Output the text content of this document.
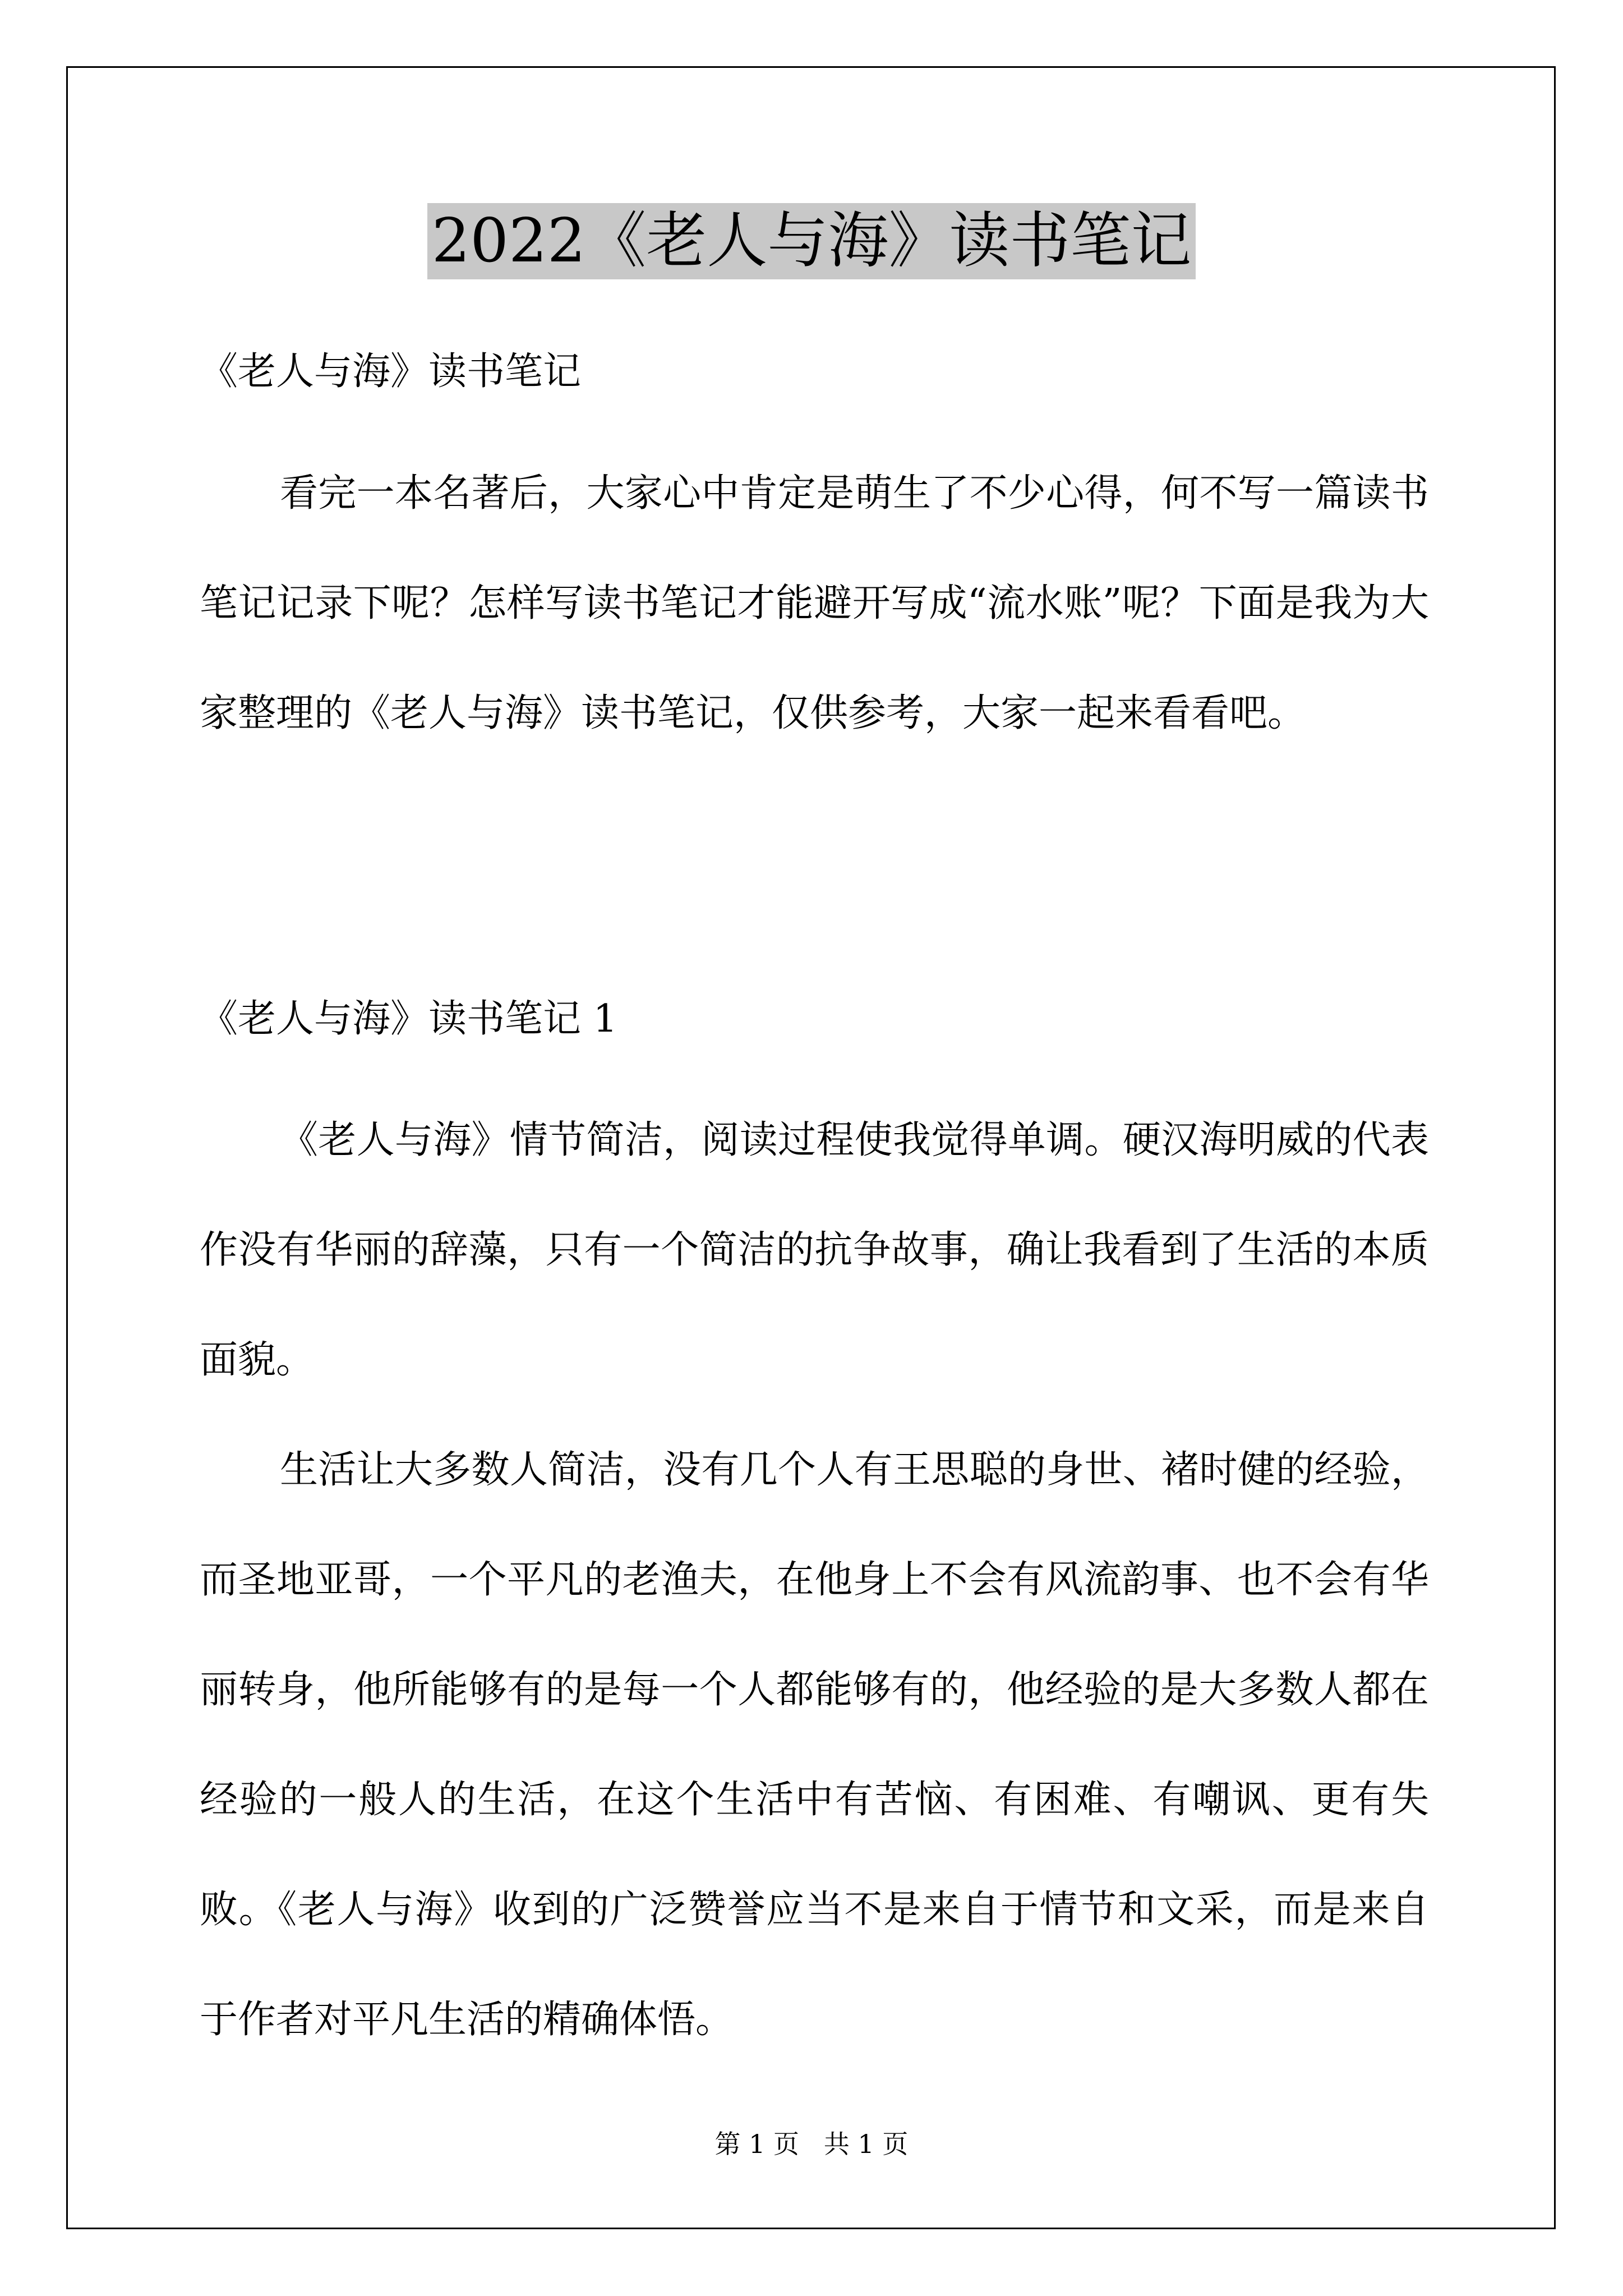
2022《老人与海》读书笔记
《老人与海》读书笔记

看完一本名著后，大家心中肯定是萌生了不少心得，何不写一篇读书笔记记录下呢？怎样写读书笔记才能避开写成“流水账”呢？下面是我为大家整理的《老人与海》读书笔记，仅供参考，大家一起来看看吧。

《老人与海》读书笔记 1

《老人与海》情节简洁，阅读过程使我觉得单调。硬汉海明威的代表作没有华丽的辞藻，只有一个简洁的抗争故事，确让我看到了生活的本质面貌。

生活让大多数人简洁，没有几个人有王思聪的身世、褚时健的经验，而圣地亚哥，一个平凡的老渔夫，在他身上不会有风流韵事、也不会有华丽转身，他所能够有的是每一个人都能够有的，他经验的是大多数人都在经验的一般人的生活，在这个生活中有苦恼、有困难、有嘲讽、更有失败。《老人与海》收到的广泛赞誉应当不是来自于情节和文采，而是来自于作者对平凡生活的精确体悟。

第 1 页   共 1 页
